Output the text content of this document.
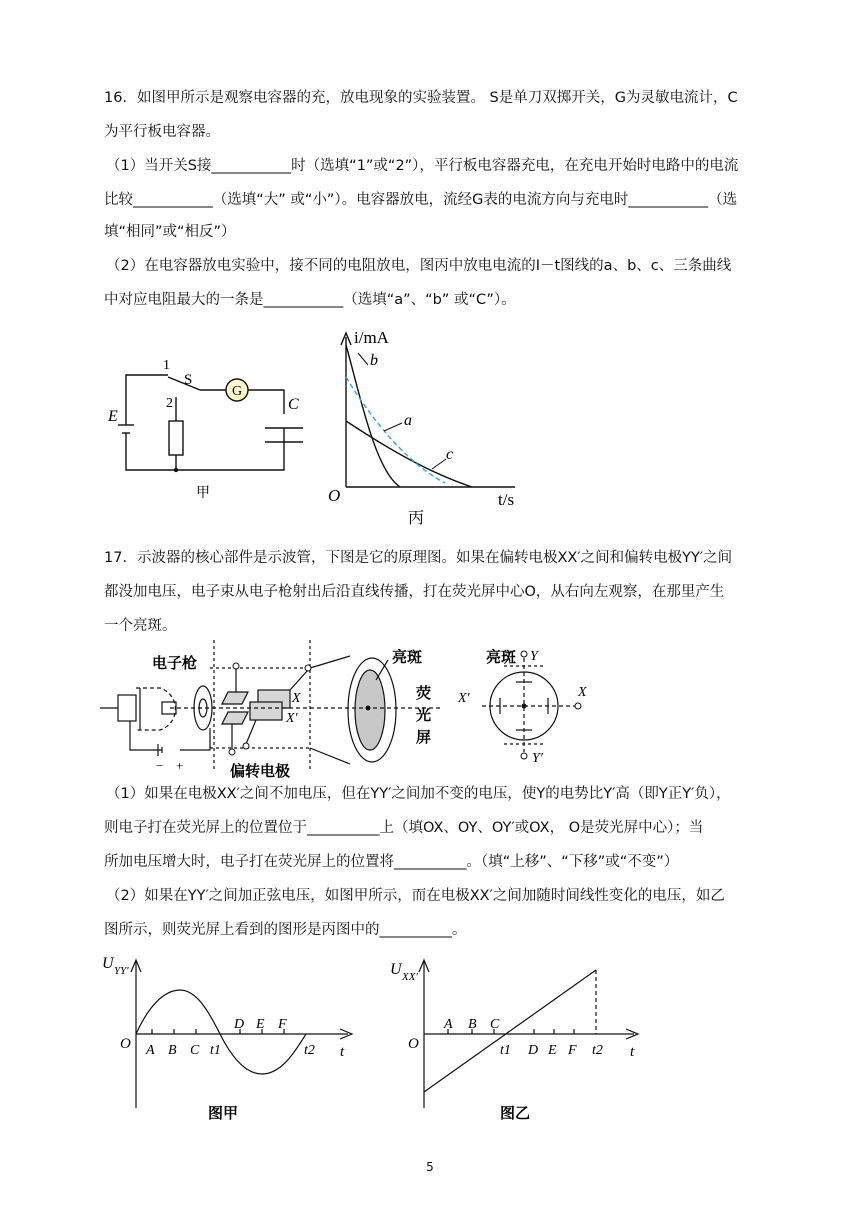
16．如图甲所示是观察电容器的充，放电现象的实验装置。 S是单刀双掷开关，G为灵敏电流计，C
为平行板电容器。
（1）当开关S接___________时（选填“1”或“2”），平行板电容器充电，在充电开始时电路中的电流
比较___________（选填“大” 或“小”）。电容器放电，流经G表的电流方向与充电时___________（选
填“相同”或“相反”）
（2）在电容器放电实验中，接不同的电阻放电，图丙中放电电流的I－t图线的a、b、c、三条曲线
中对应电阻最大的一条是___________（选填“a”、“b” 或“C”）。
G
E
S
C
1
2
甲
i/mA
b
a
c
O	t/s
丙
17．示波器的核心部件是示波管，下图是它的原理图。如果在偏转电极XX′之间和偏转电极YY′之间
都没加电压，电子束从电子枪射出后沿直线传播，打在荧光屏中心O，从右向左观察，在那里产生
一个亮斑。
电子枪	亮斑
荧
光
屏
偏转电极
X
X′
− +
亮斑 Y
Y′
X
X′
（1）如果在电极XX′之间不加电压，但在YY′之间加不变的电压，使Y的电势比Y′高（即Y正Y′负），
则电子打在荧光屏上的位置位于__________上（填OX、OY、OY′或OX， O是荧光屏中心）；当
所加电压增大时，电子打在荧光屏上的位置将__________。（填“上移”、“下移”或“不变”）
（2）如果在YY′之间加正弦电压，如图甲所示，而在电极XX′之间加随时间线性变化的电压，如乙
图所示，则荧光屏上看到的图形是丙图中的__________。
U YY′
O A B C t1
D E F
t2 t
图甲
U XX′
O
A B C
t1 D E F t2 t
图乙
5
